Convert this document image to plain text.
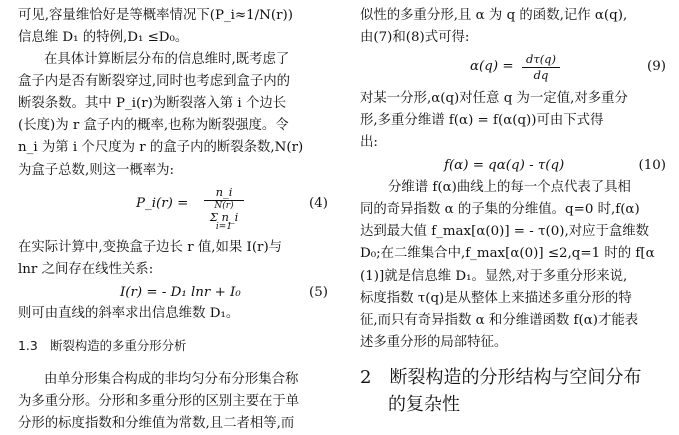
可见,容量维恰好是等概率情况下(P_i≈1/N(r))
信息维 D₁ 的特例,D₁ ≤D₀。
在具体计算断层分布的信息维时,既考虑了
盒子内是否有断裂穿过,同时也考虑到盒子内的
断裂条数。其中 P_i(r)为断裂落入第 i 个边长
(长度)为 r 盒子内的概率,也称为断裂强度。令
n_i 为第 i 个尺度为 r 的盒子内的断裂条数,N(r)
为盒子总数,则这一概率为:
P_i(r) =
n_i
N(r)
Σ n_i
i=1
(4)
在实际计算中,变换盒子边长 r 值,如果 I(r)与
lnr 之间存在线性关系:
I(r) = - D₁ lnr + I₀	(5)
则可由直线的斜率求出信息维数 D₁。
1.3　断裂构造的多重分形分析
由单分形集合构成的非均匀分布分形集合称
为多重分形。分形和多重分形的区别主要在于单
分形的标度指数和分维值为常数,且二者相等,而
似性的多重分形,且 α 为 q 的函数,记作 α(q),
由(7)和(8)式可得:
α(q) =	dτ(q)
dq
(9)
对某一分形,α(q)对任意 q 为一定值,对多重分
形,多重分维谱 f(α) = f(α(q))可由下式得
出:
f(α) = qα(q) - τ(q)	(10)
分维谱 f(α)曲线上的每一个点代表了具相
同的奇异指数 α 的子集的分维值。q=0 时,f(α)
达到最大值 f_max[α(0)] = - τ(0),对应于盒维数
D₀;在二维集合中,f_max[α(0)] ≤2,q=1 时的 f[α
(1)]就是信息维 D₁。显然,对于多重分形来说,
标度指数 τ(q)是从整体上来描述多重分形的特
征,而只有奇异指数 α 和分维谱函数 f(α)才能表
述多重分形的局部特征。
2　断裂构造的分形结构与空间分布
的复杂性
